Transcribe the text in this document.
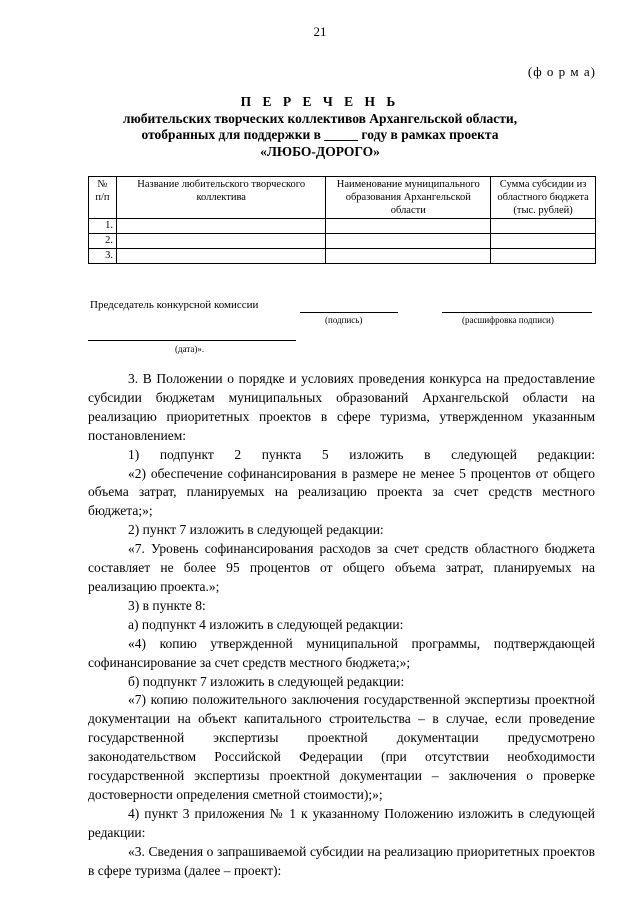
21
(ф о р м а)
П Е Р Е Ч Е Н Ь
любительских творческих коллективов Архангельской области,
отобранных для поддержки в _____ году в рамках проекта
«ЛЮБО-ДОРОГО»
№ п/п	Название любительского творческого коллектива	Наименование муниципального образования Архангельской области	Сумма субсидии из областного бюджета (тыс. рублей)
1.			
2.			
3.			
Председатель конкурсной комиссии
(подпись)	(расшифровка подписи)
(дата)».

3. В Положении о порядке и условиях проведения конкурса на предоставление субсидии бюджетам муниципальных образований Архангельской области на реализацию приоритетных проектов в сфере туризма, утвержденном указанным постановлением:

1) подпункт 2 пункта 5 изложить в следующей редакции:

«2) обеспечение софинансирования в размере не менее 5 процентов от общего объема затрат, планируемых на реализацию проекта за счет средств местного бюджета;»;

2) пункт 7 изложить в следующей редакции:

«7. Уровень софинансирования расходов за счет средств областного бюджета составляет не более 95 процентов от общего объема затрат, планируемых на реализацию проекта.»;

3) в пункте 8:

а) подпункт 4 изложить в следующей редакции:

«4) копию утвержденной муниципальной программы, подтверждающей софинансирование за счет средств местного бюджета;»;

б) подпункт 7 изложить в следующей редакции:

«7) копию положительного заключения государственной экспертизы проектной документации на объект капитального строительства – в случае, если проведение государственной экспертизы проектной документации предусмотрено законодательством Российской Федерации (при отсутствии необходимости государственной экспертизы проектной документации – заключения о проверке достоверности определения сметной стоимости);»;

4) пункт 3 приложения № 1 к указанному Положению изложить в следующей редакции:

«3. Сведения о запрашиваемой субсидии на реализацию приоритетных проектов в сфере туризма (далее – проект):
